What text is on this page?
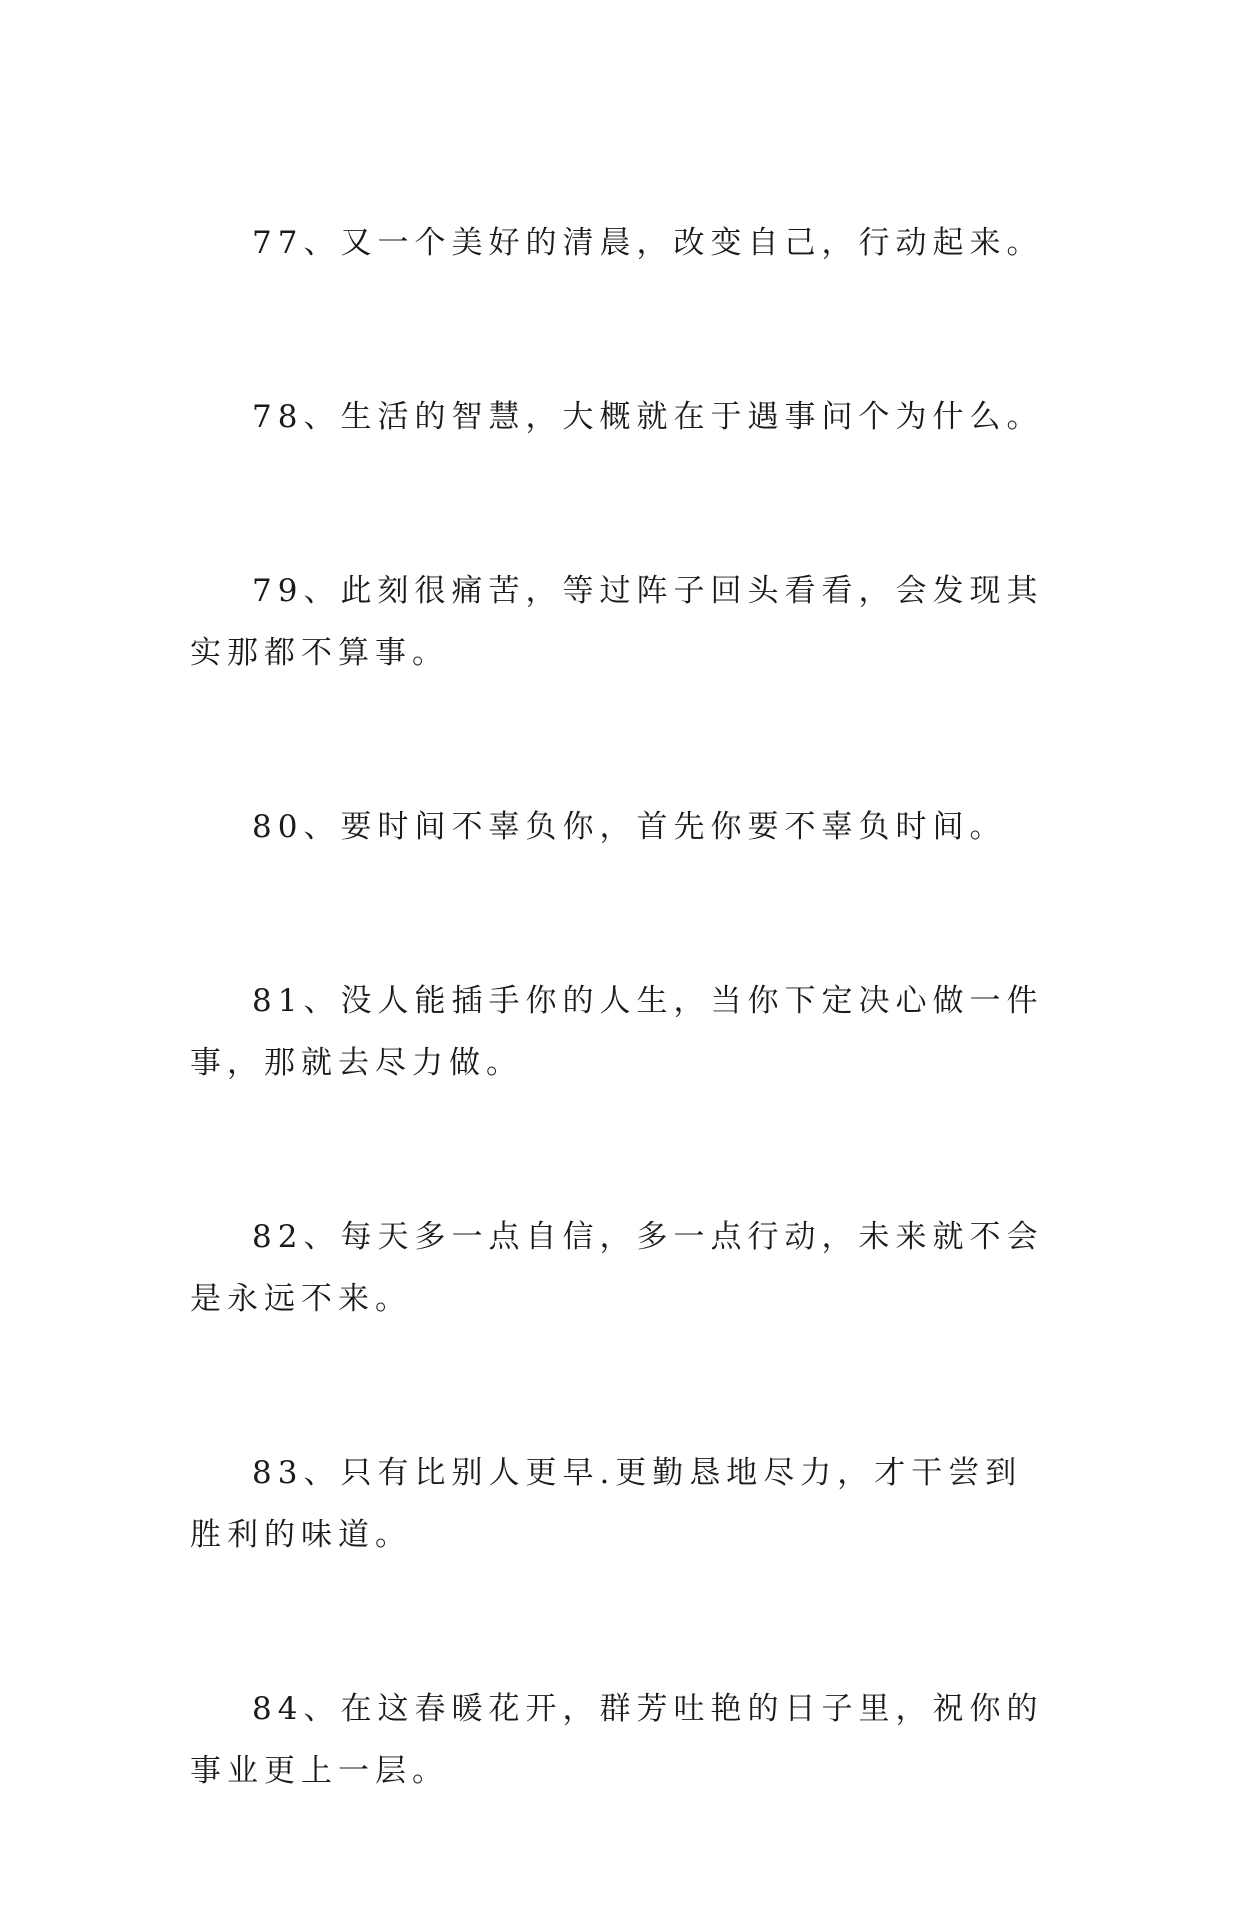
77、又一个美好的清晨，改变自己，行动起来。

78、生活的智慧，大概就在于遇事问个为什么。

79、此刻很痛苦，等过阵子回头看看，会发现其实那都不算事。

80、要时间不辜负你，首先你要不辜负时间。

81、没人能插手你的人生，当你下定决心做一件事，那就去尽力做。

82、每天多一点自信，多一点行动，未来就不会是永远不来。

83、只有比别人更早.更勤恳地尽力，才干尝到胜利的味道。

84、在这春暖花开，群芳吐艳的日子里，祝你的事业更上一层。
